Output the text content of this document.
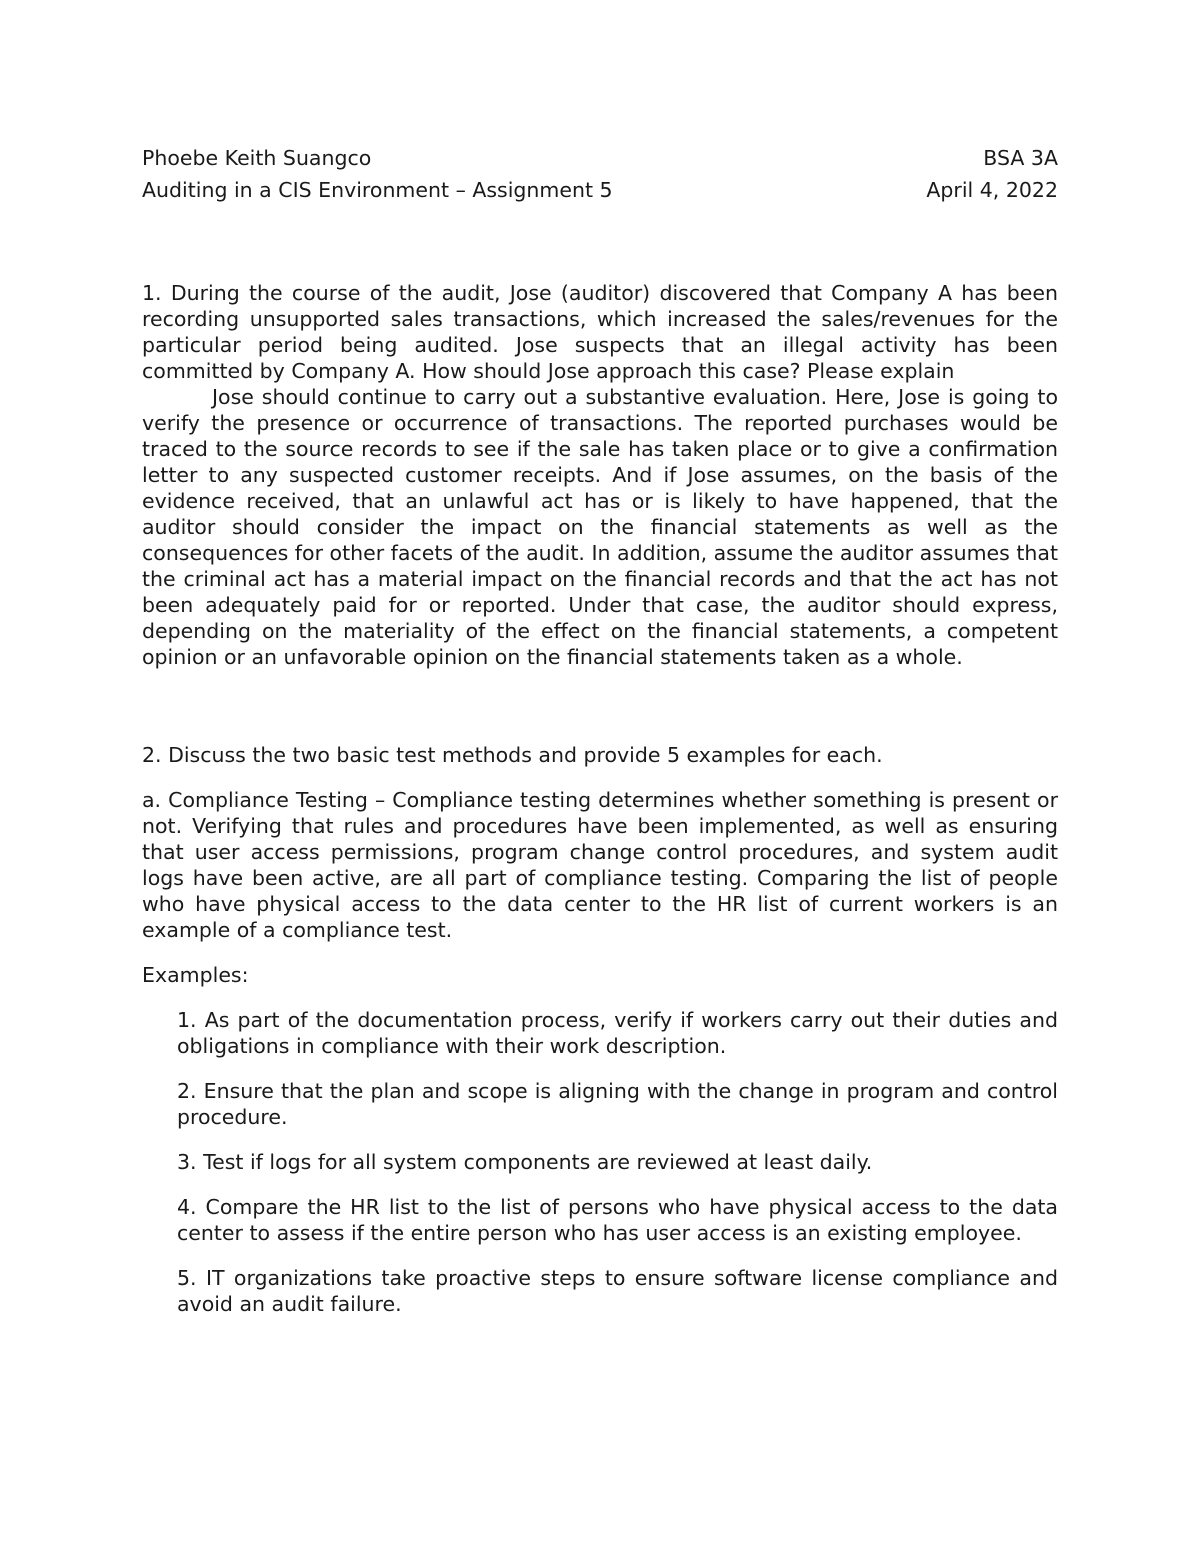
Phoebe Keith Suangco	BSA 3A
Auditing in a CIS Environment – Assignment 5	April 4, 2022

1. During the course of the audit, Jose (auditor) discovered that Company A has been recording unsupported sales transactions, which increased the sales/revenues for the particular period being audited. Jose suspects that an illegal activity has been committed by Company A. How should Jose approach this case? Please explain

Jose should continue to carry out a substantive evaluation. Here, Jose is going to verify the presence or occurrence of transactions. The reported purchases would be traced to the source records to see if the sale has taken place or to give a confirmation letter to any suspected customer receipts. And if Jose assumes, on the basis of the evidence received, that an unlawful act has or is likely to have happened, that the auditor should consider the impact on the financial statements as well as the consequences for other facets of the audit. In addition, assume the auditor assumes that the criminal act has a material impact on the financial records and that the act has not been adequately paid for or reported. Under that case, the auditor should express, depending on the materiality of the effect on the financial statements, a competent opinion or an unfavorable opinion on the financial statements taken as a whole.

2. Discuss the two basic test methods and provide 5 examples for each.

a. Compliance Testing – Compliance testing determines whether something is present or not. Verifying that rules and procedures have been implemented, as well as ensuring that user access permissions, program change control procedures, and system audit logs have been active, are all part of compliance testing. Comparing the list of people who have physical access to the data center to the HR list of current workers is an example of a compliance test.

Examples:

1. As part of the documentation process, verify if workers carry out their duties and obligations in compliance with their work description.
2. Ensure that the plan and scope is aligning with the change in program and control procedure.
3. Test if logs for all system components are reviewed at least daily.
4. Compare the HR list to the list of persons who have physical access to the data center to assess if the entire person who has user access is an existing employee.
5. IT organizations take proactive steps to ensure software license compliance and avoid an audit failure.
